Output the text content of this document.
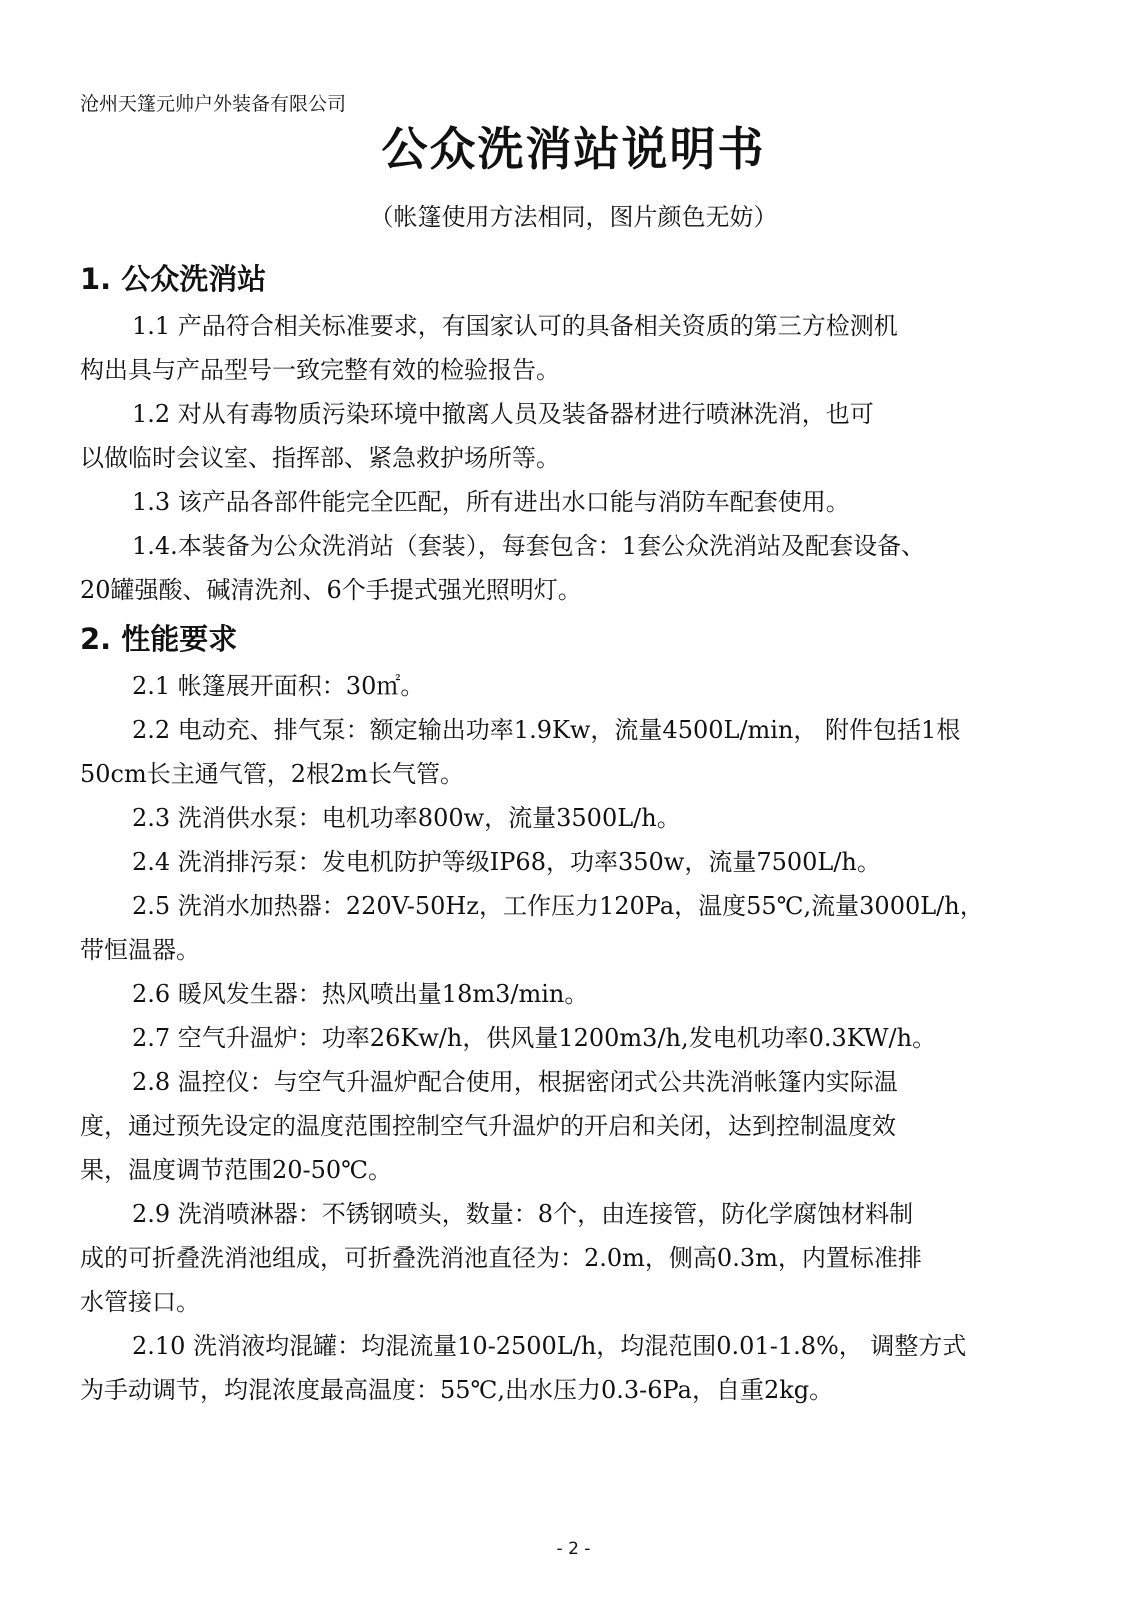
沧州天篷元帅户外装备有限公司
公众洗消站说明书
（帐篷使用方法相同，图片颜色无妨）
1. 公众洗消站

1.1 产品符合相关标准要求，有国家认可的具备相关资质的第三方检测机
构出具与产品型号一致完整有效的检验报告。

1.2 对从有毒物质污染环境中撤离人员及装备器材进行喷淋洗消，也可
以做临时会议室、指挥部、紧急救护场所等。

1.3 该产品各部件能完全匹配，所有进出水口能与消防车配套使用。

1.4.本装备为公众洗消站（套装），每套包含：1套公众洗消站及配套设备、
20罐强酸、碱清洗剂、6个手提式强光照明灯。

2. 性能要求

2.1 帐篷展开面积：30㎡。

2.2 电动充、排气泵：额定输出功率1.9Kw，流量4500L/min， 附件包括1根
50cm长主通气管，2根2m长气管。

2.3 洗消供水泵：电机功率800w，流量3500L/h。

2.4 洗消排污泵：发电机防护等级IP68，功率350w，流量7500L/h。

2.5 洗消水加热器：220V-50Hz，工作压力120Pa，温度55℃,流量3000L/h，
带恒温器。

2.6 暖风发生器：热风喷出量18m3/min。

2.7 空气升温炉：功率26Kw/h，供风量1200m3/h,发电机功率0.3KW/h。

2.8 温控仪：与空气升温炉配合使用，根据密闭式公共洗消帐篷内实际温
度，通过预先设定的温度范围控制空气升温炉的开启和关闭，达到控制温度效
果，温度调节范围20-50℃。

2.9 洗消喷淋器：不锈钢喷头，数量：8个，由连接管，防化学腐蚀材料制
成的可折叠洗消池组成，可折叠洗消池直径为：2.0m，侧高0.3m，内置标准排
水管接口。

2.10 洗消液均混罐：均混流量10-2500L/h，均混范围0.01-1.8%， 调整方式
为手动调节，均混浓度最高温度：55℃,出水压力0.3-6Pa，自重2kg。

- 2 -
